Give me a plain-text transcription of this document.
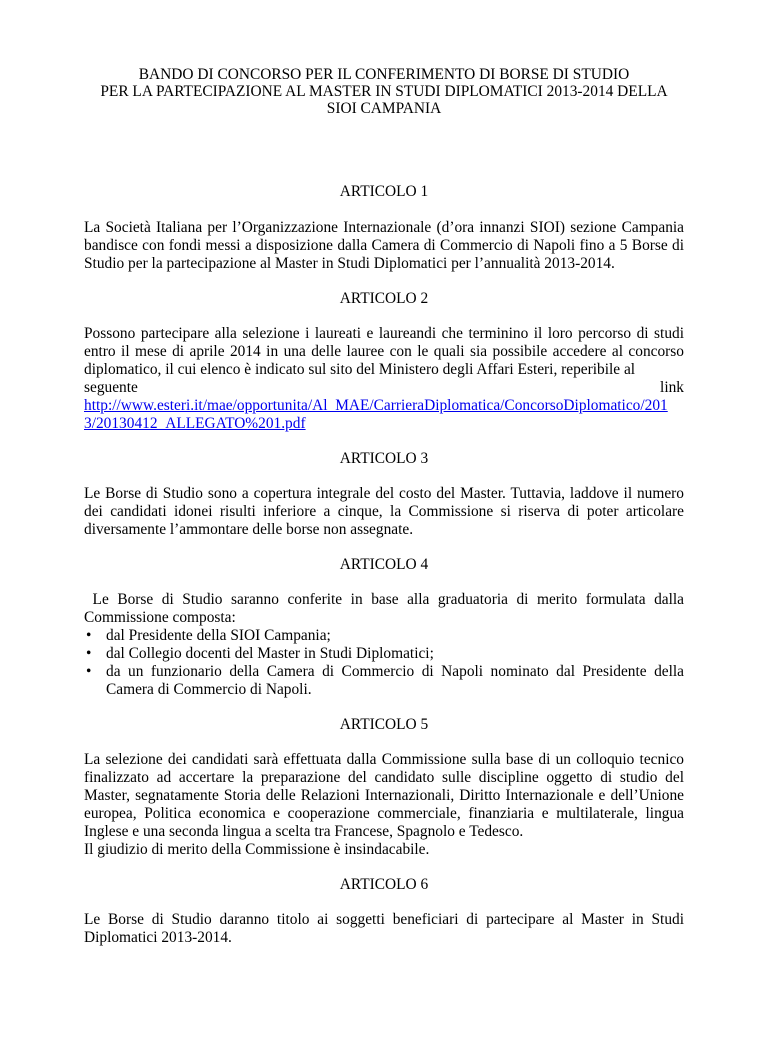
BANDO DI CONCORSO PER IL CONFERIMENTO DI BORSE DI STUDIO
PER LA PARTECIPAZIONE AL MASTER IN STUDI DIPLOMATICI 2013-2014 DELLA
SIOI CAMPANIA
ARTICOLO 1

La Società Italiana per l’Organizzazione Internazionale (d’ora innanzi SIOI) sezione Campania bandisce con fondi messi a disposizione dalla Camera di Commercio di Napoli fino a 5 Borse di Studio per la partecipazione al Master in Studi Diplomatici per l’annualità 2013-2014.

ARTICOLO 2

Possono partecipare alla selezione i laureati e laureandi che terminino il loro percorso di studi entro il mese di aprile 2014 in una delle lauree con le quali sia possibile accedere al concorso diplomatico, il cui elenco è indicato sul sito del Ministero degli Affari Esteri, reperibile al

seguente link

http://www.esteri.it/mae/opportunita/Al_MAE/CarrieraDiplomatica/ConcorsoDiplomatico/201
3/20130412_ALLEGATO%201.pdf
ARTICOLO 3

Le Borse di Studio sono a copertura integrale del costo del Master. Tuttavia, laddove il numero dei candidati idonei risulti inferiore a cinque, la Commissione si riserva di poter articolare diversamente l’ammontare delle borse non assegnate.

ARTICOLO 4

Le Borse di Studio saranno conferite in base alla graduatoria di merito formulata dalla Commissione composta:

• dal Presidente della SIOI Campania;
• dal Collegio docenti del Master in Studi Diplomatici;
• da un funzionario della Camera di Commercio di Napoli nominato dal Presidente della Camera di Commercio di Napoli.
ARTICOLO 5

La selezione dei candidati sarà effettuata dalla Commissione sulla base di un colloquio tecnico finalizzato ad accertare la preparazione del candidato sulle discipline oggetto di studio del Master, segnatamente Storia delle Relazioni Internazionali, Diritto Internazionale e dell’Unione europea, Politica economica e cooperazione commerciale, finanziaria e multilaterale, lingua Inglese e una seconda lingua a scelta tra Francese, Spagnolo e Tedesco.

Il giudizio di merito della Commissione è insindacabile.

ARTICOLO 6

Le Borse di Studio daranno titolo ai soggetti beneficiari di partecipare al Master in Studi Diplomatici 2013-2014.
